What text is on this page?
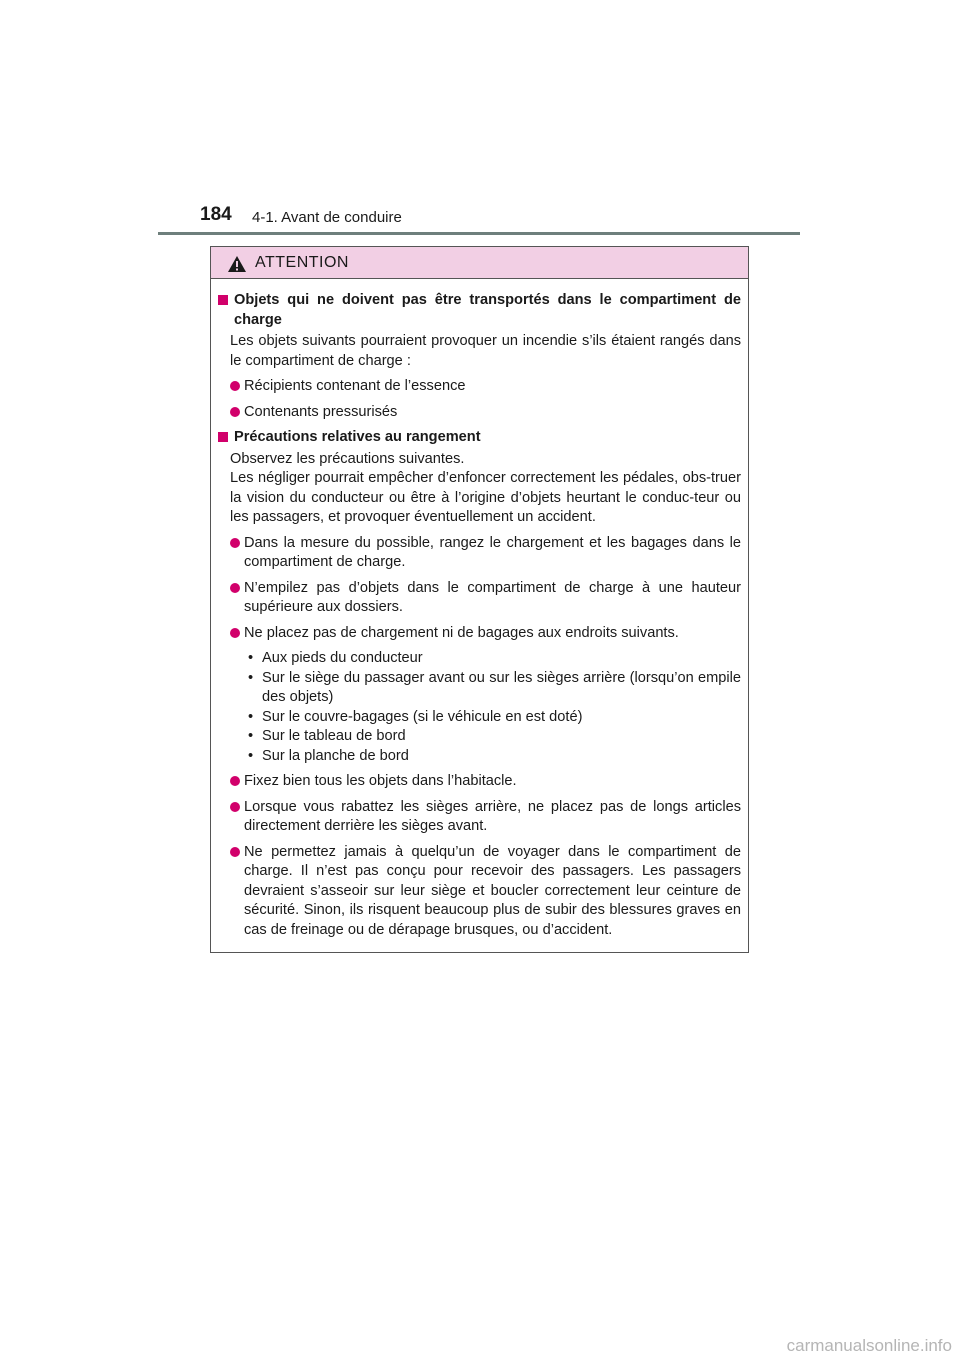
184 4-1. Avant de conduire
ATTENTION
Objets qui ne doivent pas être transportés dans le compartiment de charge
Les objets suivants pourraient provoquer un incendie s’ils étaient rangés dans le compartiment de charge :
Récipients contenant de l’essence
Contenants pressurisés
Précautions relatives au rangement
Observez les précautions suivantes.
Les négliger pourrait empêcher d’enfoncer correctement les pédales, obs-truer la vision du conducteur ou être à l’origine d’objets heurtant le conduc-teur ou les passagers, et provoquer éventuellement un accident.
Dans la mesure du possible, rangez le chargement et les bagages dans le compartiment de charge.
N’empilez pas d’objets dans le compartiment de charge à une hauteur supérieure aux dossiers.
Ne placez pas de chargement ni de bagages aux endroits suivants.
• Aux pieds du conducteur
• Sur le siège du passager avant ou sur les sièges arrière (lorsqu’on empile des objets)
• Sur le couvre-bagages (si le véhicule en est doté)
• Sur le tableau de bord
• Sur la planche de bord
Fixez bien tous les objets dans l’habitacle.
Lorsque vous rabattez les sièges arrière, ne placez pas de longs articles directement derrière les sièges avant.
Ne permettez jamais à quelqu’un de voyager dans le compartiment de charge. Il n’est pas conçu pour recevoir des passagers. Les passagers devraient s’asseoir sur leur siège et boucler correctement leur ceinture de sécurité. Sinon, ils risquent beaucoup plus de subir des blessures graves en cas de freinage ou de dérapage brusques, ou d’accident.
carmanualsonline.info
